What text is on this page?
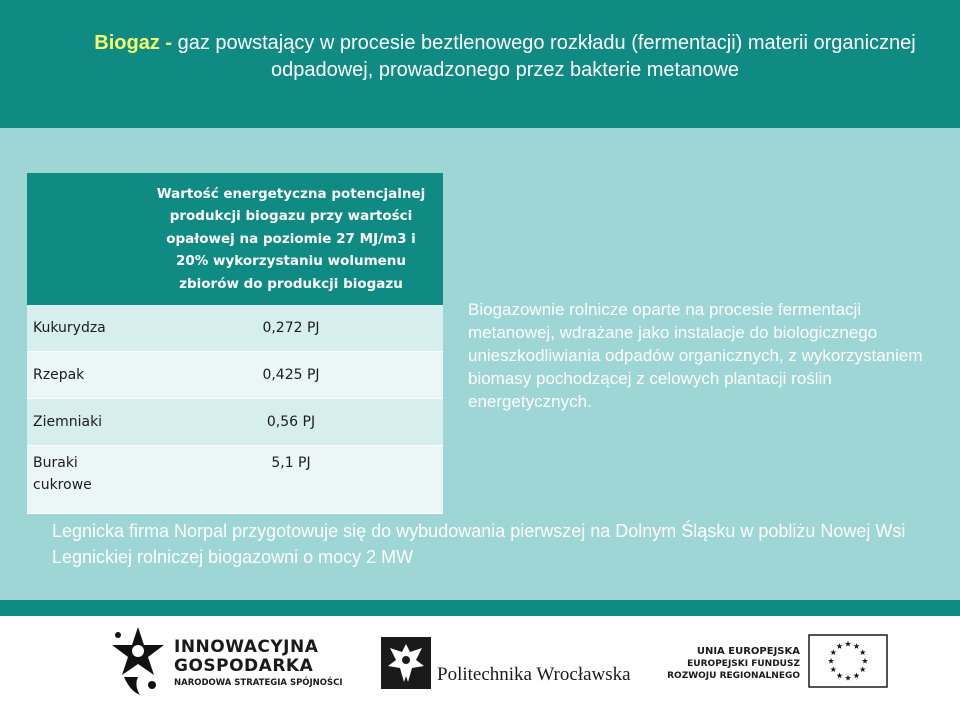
Biogaz - gaz powstający w procesie beztlenowego rozkładu (fermentacji) materii organicznej odpadowej, prowadzonego przez bakterie metanowe
	Wartość energetyczna potencjalnej produkcji biogazu przy wartości opałowej na poziomie 27 MJ/m3 i 20% wykorzystaniu wolumenu zbiorów do produkcji biogazu
Kukurydza	0,272 PJ
Rzepak	0,425 PJ
Ziemniaki	0,56 PJ
Buraki cukrowe	5,1 PJ
Biogazownie rolnicze oparte na procesie fermentacji metanowej, wdrażane jako instalacje do biologicznego unieszkodliwiania odpadów organicznych, z wykorzystaniem biomasy pochodzącej z celowych plantacji roślin energetycznych.
Legnicka firma Norpal przygotowuje się do wybudowania pierwszej na Dolnym Śląsku w pobliżu Nowej Wsi Legnickiej rolniczej biogazowni o mocy 2 MW
INNOWACYJNA
GOSPODARKA
NARODOWA STRATEGIA SPÓJNOŚCI	Politechnika Wrocławska
UNIA EUROPEJSKA
EUROPEJSKI FUNDUSZ
ROZWOJU REGIONALNEGO
